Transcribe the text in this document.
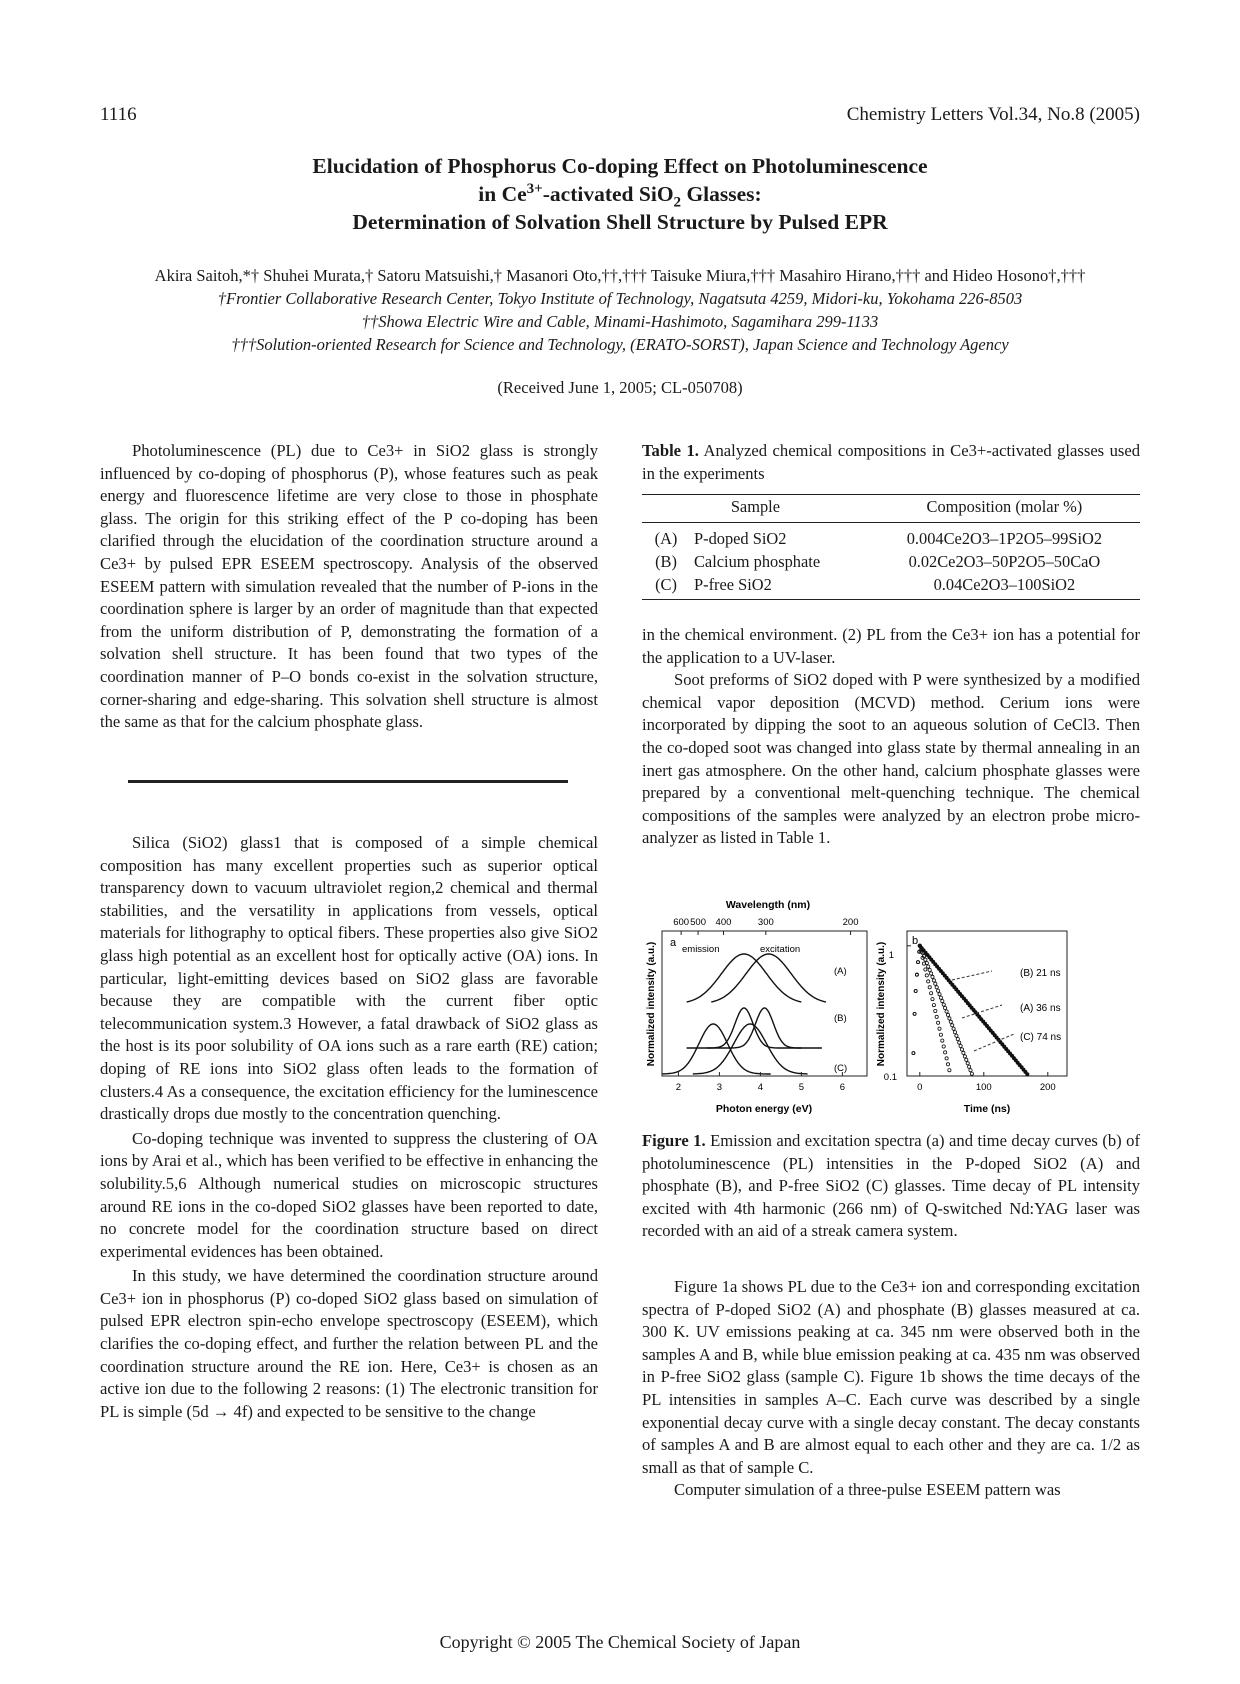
1116	Chemistry Letters Vol.34, No.8 (2005)
Elucidation of Phosphorus Co-doping Effect on Photoluminescence
in $Ce^{3+}$-activated SiO$_2$ Glasses:
Determination of Solvation Shell Structure by Pulsed EPR
Akira Saitoh,*† Shuhei Murata,† Satoru Matsuishi,† Masanori Oto,††,††† Taisuke Miura,††† Masahiro Hirano,††† and Hideo Hosono†,†††
†Frontier Collaborative Research Center, Tokyo Institute of Technology, Nagatsuta 4259, Midori-ku, Yokohama 226-8503
††Showa Electric Wire and Cable, Minami-Hashimoto, Sagamihara 299-1133
†††Solution-oriented Research for Science and Technology, (ERATO-SORST), Japan Science and Technology Agency
(Received June 1, 2005; CL-050708)

Photoluminescence (PL) due to Ce3+ in SiO2 glass is strongly influenced by co-doping of phosphorus (P), whose features such as peak energy and fluorescence lifetime are very close to those in phosphate glass. The origin for this striking effect of the P co-doping has been clarified through the elucidation of the coordination structure around a Ce3+ by pulsed EPR ESEEM spectroscopy. Analysis of the observed ESEEM pattern with simulation revealed that the number of P-ions in the coordination sphere is larger by an order of magnitude than that expected from the uniform distribution of P, demonstrating the formation of a solvation shell structure. It has been found that two types of the coordination manner of P–O bonds co-exist in the solvation structure, corner-sharing and edge-sharing. This solvation shell structure is almost the same as that for the calcium phosphate glass.

Silica (SiO2) glass1 that is composed of a simple chemical composition has many excellent properties such as superior optical transparency down to vacuum ultraviolet region,2 chemical and thermal stabilities, and the versatility in applications from vessels, optical materials for lithography to optical fibers. These properties also give SiO2 glass high potential as an excellent host for optically active (OA) ions. In particular, light-emitting devices based on SiO2 glass are favorable because they are compatible with the current fiber optic telecommunication system.3 However, a fatal drawback of SiO2 glass as the host is its poor solubility of OA ions such as a rare earth (RE) cation; doping of RE ions into SiO2 glass often leads to the formation of clusters.4 As a consequence, the excitation efficiency for the luminescence drastically drops due mostly to the concentration quenching.

Co-doping technique was invented to suppress the clustering of OA ions by Arai et al., which has been verified to be effective in enhancing the solubility.5,6 Although numerical studies on microscopic structures around RE ions in the co-doped SiO2 glasses have been reported to date, no concrete model for the coordination structure based on direct experimental evidences has been obtained.

In this study, we have determined the coordination structure around Ce3+ ion in phosphorus (P) co-doped SiO2 glass based on simulation of pulsed EPR electron spin-echo envelope spectroscopy (ESEEM), which clarifies the co-doping effect, and further the relation between PL and the coordination structure around the RE ion. Here, Ce3+ is chosen as an active ion due to the following 2 reasons: (1) The electronic transition for PL is simple (5d → 4f) and expected to be sensitive to the change

Table 1. Analyzed chemical compositions in Ce3+-activated glasses used in the experiments
Sample		Composition (molar %)
(A)	P-doped SiO2	0.004Ce2O3–1P2O5–99SiO2
(B)	Calcium phosphate	0.02Ce2O3–50P2O5–50CaO
(C)	P-free SiO2	0.04Ce2O3–100SiO2

in the chemical environment. (2) PL from the Ce3+ ion has a potential for the application to a UV-laser.

Soot preforms of SiO2 doped with P were synthesized by a modified chemical vapor deposition (MCVD) method. Cerium ions were incorporated by dipping the soot to an aqueous solution of CeCl3. Then the co-doped soot was changed into glass state by thermal annealing in an inert gas atmosphere. On the other hand, calcium phosphate glasses were prepared by a conventional melt-quenching technique. The chemical compositions of the samples were analyzed by an electron probe micro-analyzer as listed in Table 1.

Wavelength (nm)
600 500 400	300	200
a
emission	excitation
(A)
(B)
(C)
2	3	4	5	6
Photon energy (eV)
Normalized intensity (a.u.)
b
1
0.1
(B) 21 ns
(A) 36 ns
(C) 74 ns
0	100	200
Time (ns)
Normalized intensity (a.u.)
Figure 1. Emission and excitation spectra (a) and time decay curves (b) of photoluminescence (PL) intensities in the P-doped SiO2 (A) and phosphate (B), and P-free SiO2 (C) glasses. Time decay of PL intensity excited with 4th harmonic (266 nm) of Q-switched Nd:YAG laser was recorded with an aid of a streak camera system.

Figure 1a shows PL due to the Ce3+ ion and corresponding excitation spectra of P-doped SiO2 (A) and phosphate (B) glasses measured at ca. 300 K. UV emissions peaking at ca. 345 nm were observed both in the samples A and B, while blue emission peaking at ca. 435 nm was observed in P-free SiO2 glass (sample C). Figure 1b shows the time decays of the PL intensities in samples A–C. Each curve was described by a single exponential decay curve with a single decay constant. The decay constants of samples A and B are almost equal to each other and they are ca. 1/2 as small as that of sample C.

Computer simulation of a three-pulse ESEEM pattern was

Copyright © 2005 The Chemical Society of Japan
